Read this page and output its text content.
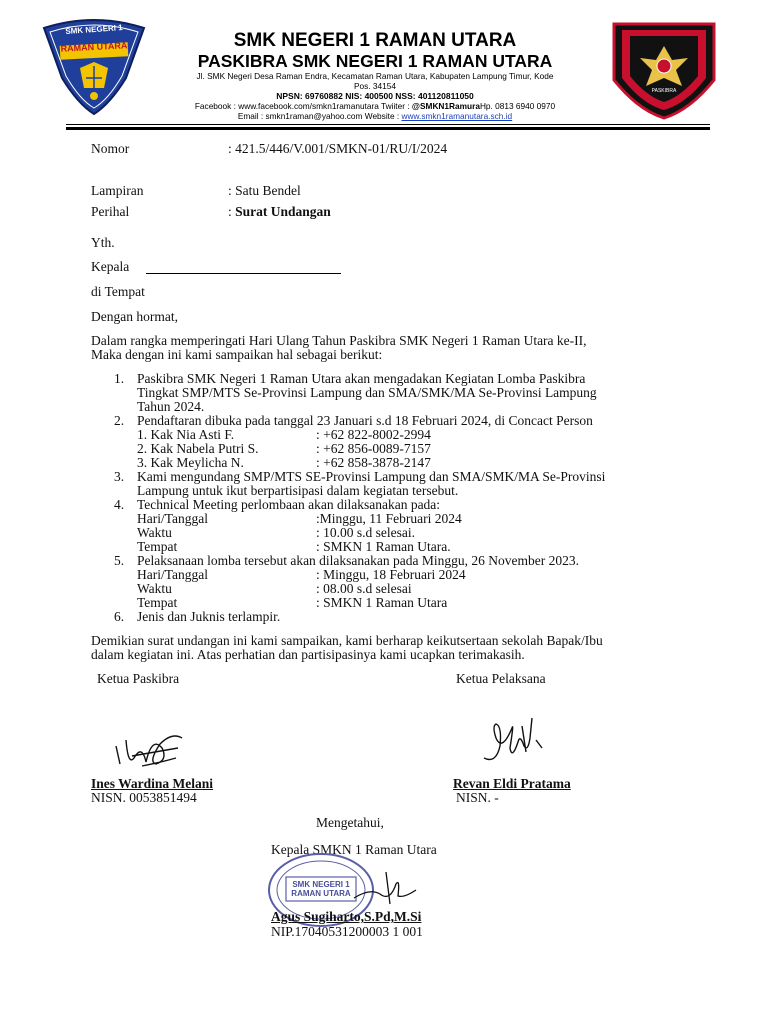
SMK NEGERI 1
RAMAN UTARA
PASKIBRA
SMK NEGERI 1 RAMAN UTARA
PASKIBRA SMK NEGERI 1 RAMAN UTARA
Jl. SMK Negeri Desa Raman Endra, Kecamatan Raman Utara, Kabupaten Lampung Timur, Kode
Pos. 34154
NPSN: 69760882 NIS: 400500 NSS: 401120811050
Facebook : www.facebook.com/smkn1ramanutara Twiiter : @SMKN1RamuraHp. 0813 6940 0970
Email : smkn1raman@yahoo.com Website : www.smkn1ramanutara.sch.id
Nomor	: 421.5/446/V.001/SMKN-01/RU/I/2024
Lampiran	: Satu Bendel
Perihal	: Surat Undangan
Yth.
Kepala
di Tempat
Dengan hormat,
Dalam rangka memperingati Hari Ulang Tahun Paskibra SMK Negeri 1 Raman Utara ke-II,
Maka dengan ini kami sampaikan hal sebagai berikut:
1. Paskibra SMK Negeri 1 Raman Utara akan mengadakan Kegiatan Lomba Paskibra
Tingkat SMP/MTS Se-Provinsi Lampung dan SMA/SMK/MA Se-Provinsi Lampung
Tahun 2024.
2. Pendaftaran dibuka pada tanggal 23 Januari s.d 18 Februari 2024, di Concact Person
1. Kak Nia Asti F.	: +62 822-8002-2994
2. Kak Nabela Putri S.	: +62 856-0089-7157
3. Kak Meylicha N.	: +62 858-3878-2147
3. Kami mengundang SMP/MTS SE-Provinsi Lampung dan SMA/SMK/MA Se-Provinsi
Lampung untuk ikut berpartisipasi dalam kegiatan tersebut.
4. Technical Meeting perlombaan akan dilaksanakan pada:
Hari/Tanggal	:Minggu, 11 Februari 2024
Waktu	: 10.00 s.d selesai.
Tempat	: SMKN 1 Raman Utara.
5. Pelaksanaan lomba tersebut akan dilaksanakan pada Minggu, 26 November 2023.
Hari/Tanggal	: Minggu, 18 Februari 2024
Waktu	: 08.00 s.d selesai
Tempat	: SMKN 1 Raman Utara
6. Jenis dan Juknis terlampir.
Demikian surat undangan ini kami sampaikan, kami berharap keikutsertaan sekolah Bapak/Ibu
dalam kegiatan ini. Atas perhatian dan partisipasinya kami ucapkan terimakasih.
Ketua Paskibra	Ketua Pelaksana
Ines Wardina Melani
NISN. 0053851494
Revan Eldi Pratama
NISN. -
Mengetahui,
Kepala SMKN 1 Raman Utara
SMK NEGERI 1 RAMAN UTARA
Agus Sugiharto,S.Pd,M.Si
NIP.17040531200003 1 001
